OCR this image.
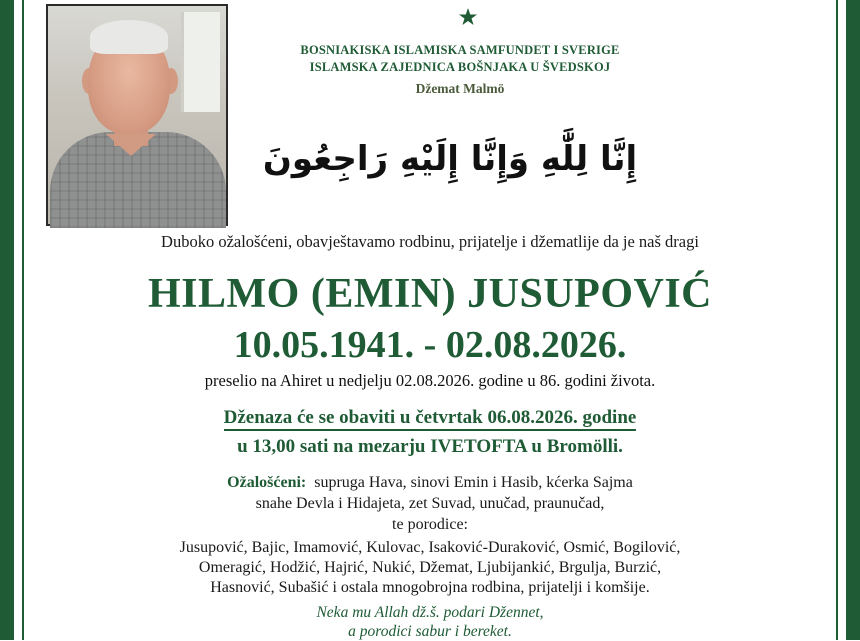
BOSNIAKISKA ISLAMISKA SAMFUNDET I SVERIGE

ISLAMSKA ZAJEDNICA BOŠNJAKA U ŠVEDSKOJ

Džemat Malmö

إِنَّا لِلَّٰهِ وَإِنَّا إِلَيْهِ رَاجِعُونَ

Duboko ožalošćeni, obavještavamo rodbinu, prijatelje i džematlije da je naš dragi

HILMO (EMIN) JUSUPOVIĆ

10.05.1941. - 02.08.2026.

preselio na Ahiret u nedjelju 02.08.2026. godine u 86. godini života.

Dženaza će se obaviti u četvrtak 06.08.2026. godine

u 13,00 sati na mezarju IVETOFTA u Bromölli.

Ožalošćeni: supruga Hava, sinovi Emin i Hasib, kćerka Sajma

snahe Devla i Hidajeta, zet Suvad, unučad, praunučad,

te porodice:

Jusupović, Bajic, Imamović, Kulovac, Isaković-Duraković, Osmić, Bogilović,

Omeragić, Hodžić, Hajrić, Nukić, Džemat, Ljubijankić, Brgulja, Burzić,

Hasnović, Subašić i ostala mnogobrojna rodbina, prijatelji i komšije.

Neka mu Allah dž.š. podari Džennet,

a porodici sabur i bereket.
